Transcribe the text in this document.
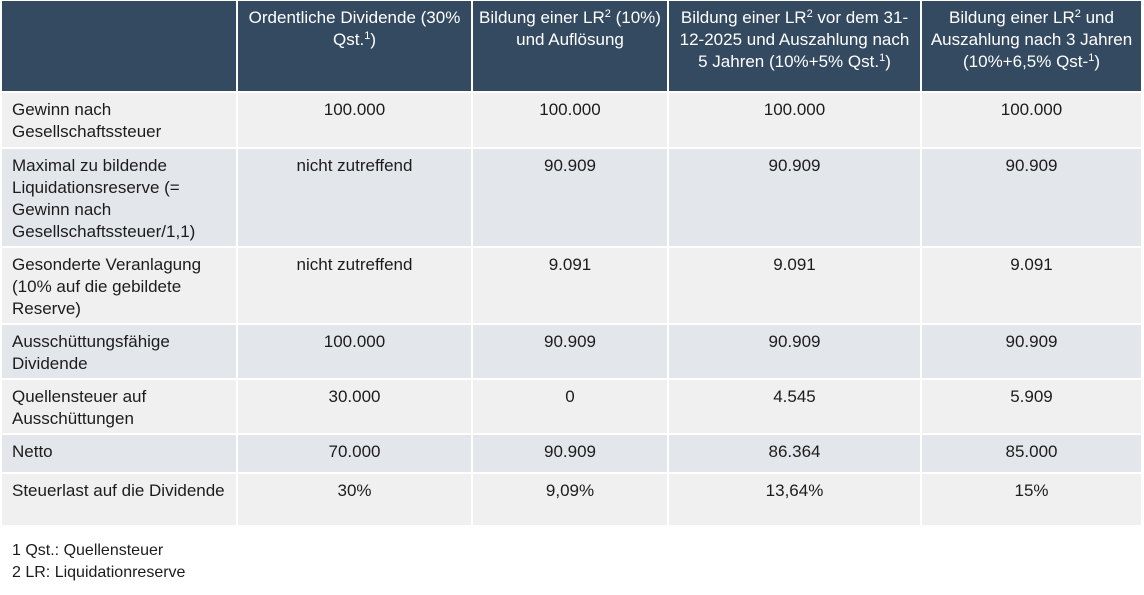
	Ordentliche Dividende (30% Qst.$^1$)	Bildung einer $LR^2$ (10%) und Auflösung	Bildung einer $LR^2$ vor dem 31-12-2025 und Auszahlung nach 5 Jahren (10%+5% Qst.$^1$)	Bildung einer $LR^2$ und Auszahlung nach 3 Jahren (10%+6,5% Qst-$^1$)
Gewinn nach Gesellschaftssteuer	100.000	100.000	100.000	100.000
Maximal zu bildende Liquidationsreserve (= Gewinn nach Gesellschaftssteuer/1,1)	nicht zutreffend	90.909	90.909	90.909
Gesonderte Veranlagung (10% auf die gebildete Reserve)	nicht zutreffend	9.091	9.091	9.091
Ausschüttungsfähige Dividende	100.000	90.909	90.909	90.909
Quellensteuer auf Ausschüttungen	30.000	0	4.545	5.909
Netto	70.000	90.909	86.364	85.000
Steuerlast auf die Dividende	30%	9,09%	13,64%	15%
1 Qst.: Quellensteuer
2 LR: Liquidationreserve
